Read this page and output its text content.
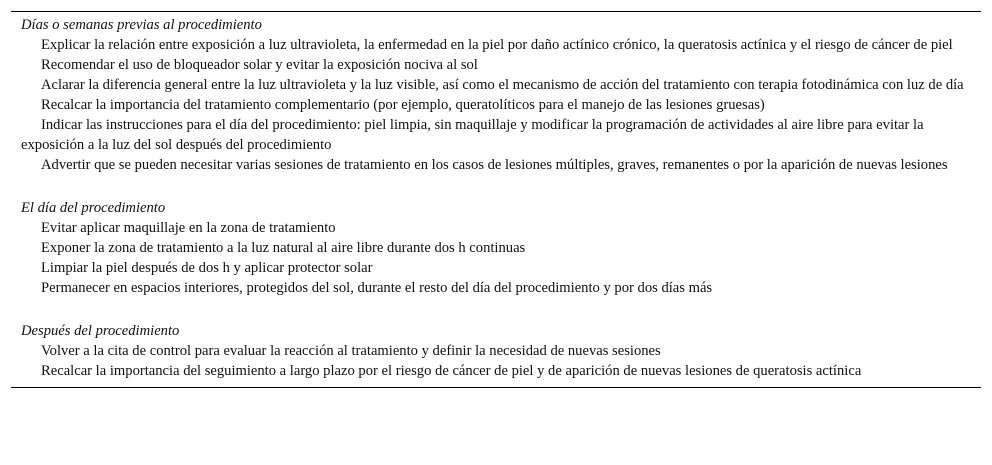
Días o semanas previas al procedimiento

Explicar la relación entre exposición a luz ultravioleta, la enfermedad en la piel por daño actínico crónico, la queratosis actínica y el riesgo de cáncer de piel

Recomendar el uso de bloqueador solar y evitar la exposición nociva al sol

Aclarar la diferencia general entre la luz ultravioleta y la luz visible, así como el mecanismo de acción del tratamiento con terapia fotodinámica con luz de día

Recalcar la importancia del tratamiento complementario (por ejemplo, queratolíticos para el manejo de las lesiones gruesas)

Indicar las instrucciones para el día del procedimiento: piel limpia, sin maquillaje y modificar la programación de actividades al aire libre para evitar la exposición a la luz del sol después del procedimiento

Advertir que se pueden necesitar varias sesiones de tratamiento en los casos de lesiones múltiples, graves, remanentes o por la aparición de nuevas lesiones

El día del procedimiento

Evitar aplicar maquillaje en la zona de tratamiento

Exponer la zona de tratamiento a la luz natural al aire libre durante dos h continuas

Limpiar la piel después de dos h y aplicar protector solar

Permanecer en espacios interiores, protegidos del sol, durante el resto del día del procedimiento y por dos días más

Después del procedimiento

Volver a la cita de control para evaluar la reacción al tratamiento y definir la necesidad de nuevas sesiones

Recalcar la importancia del seguimiento a largo plazo por el riesgo de cáncer de piel y de aparición de nuevas lesiones de queratosis actínica
